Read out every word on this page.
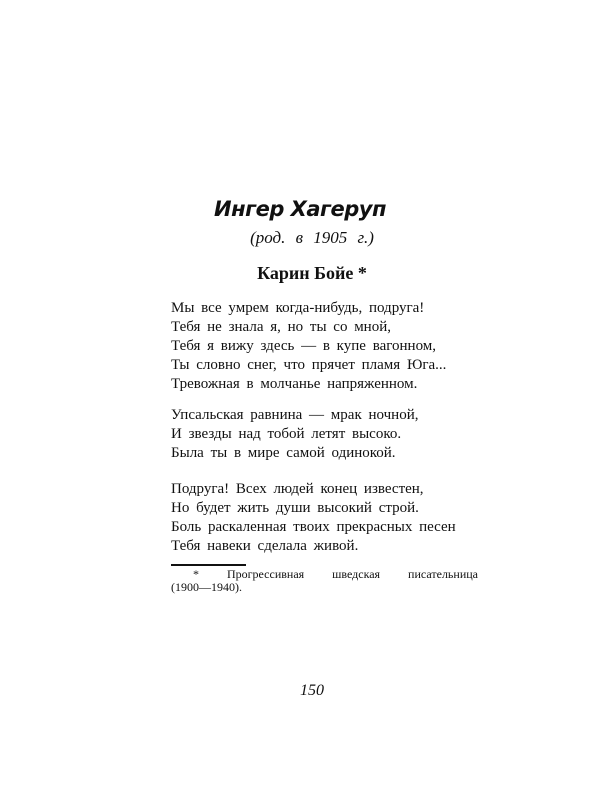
Ингер Хагеруп
(род. в 1905 г.)
Карин Бойе *
Мы все умрем когда-нибудь, подруга!
Тебя не знала я, но ты со мной,
Тебя я вижу здесь — в купе вагонном,
Ты словно снег, что прячет пламя Юга...
Тревожная в молчанье напряженном.
Упсальская равнина — мрак ночной,
И звезды над тобой летят высоко.
Была ты в мире самой одинокой.
Подруга! Всех людей конец известен,
Но будет жить души высокий строй.
Боль раскаленная твоих прекрасных песен
Тебя навеки сделала живой.
* Прогрессивная шведская писательница
(1900—1940).
150
